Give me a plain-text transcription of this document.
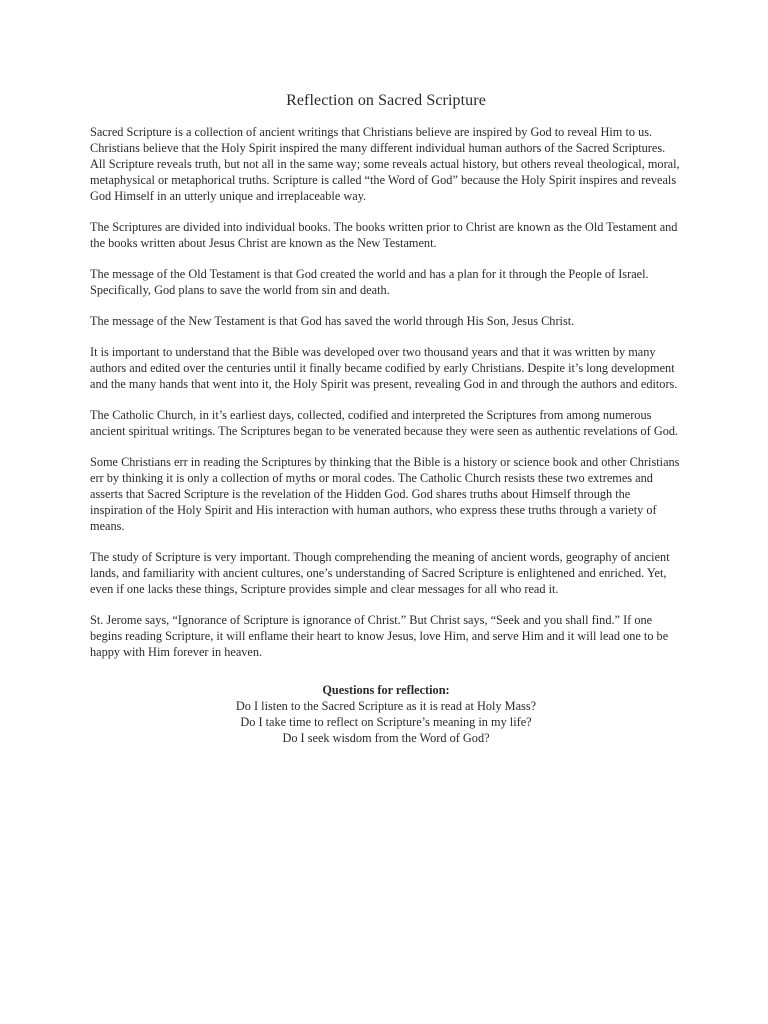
Reflection on Sacred Scripture

Sacred Scripture is a collection of ancient writings that Christians believe are inspired by God to reveal Him to us. Christians believe that the Holy Spirit inspired the many different individual human authors of the Sacred Scriptures. All Scripture reveals truth, but not all in the same way; some reveals actual history, but others reveal theological, moral, metaphysical or metaphorical truths. Scripture is called “the Word of God” because the Holy Spirit inspires and reveals God Himself in an utterly unique and irreplaceable way.

The Scriptures are divided into individual books. The books written prior to Christ are known as the Old Testament and the books written about Jesus Christ are known as the New Testament.

The message of the Old Testament is that God created the world and has a plan for it through the People of Israel. Specifically, God plans to save the world from sin and death.

The message of the New Testament is that God has saved the world through His Son, Jesus Christ.

It is important to understand that the Bible was developed over two thousand years and that it was written by many authors and edited over the centuries until it finally became codified by early Christians. Despite it’s long development and the many hands that went into it, the Holy Spirit was present, revealing God in and through the authors and editors.

The Catholic Church, in it’s earliest days, collected, codified and interpreted the Scriptures from among numerous ancient spiritual writings. The Scriptures began to be venerated because they were seen as authentic revelations of God.

Some Christians err in reading the Scriptures by thinking that the Bible is a history or science book and other Christians err by thinking it is only a collection of myths or moral codes. The Catholic Church resists these two extremes and asserts that Sacred Scripture is the revelation of the Hidden God. God shares truths about Himself through the inspiration of the Holy Spirit and His interaction with human authors, who express these truths through a variety of means.

The study of Scripture is very important. Though comprehending the meaning of ancient words, geography of ancient lands, and familiarity with ancient cultures, one’s understanding of Sacred Scripture is enlightened and enriched. Yet, even if one lacks these things, Scripture provides simple and clear messages for all who read it.

St. Jerome says, “Ignorance of Scripture is ignorance of Christ.” But Christ says, “Seek and you shall find.” If one begins reading Scripture, it will enflame their heart to know Jesus, love Him, and serve Him and it will lead one to be happy with Him forever in heaven.

Questions for reflection:
Do I listen to the Sacred Scripture as it is read at Holy Mass?
Do I take time to reflect on Scripture’s meaning in my life?
Do I seek wisdom from the Word of God?
